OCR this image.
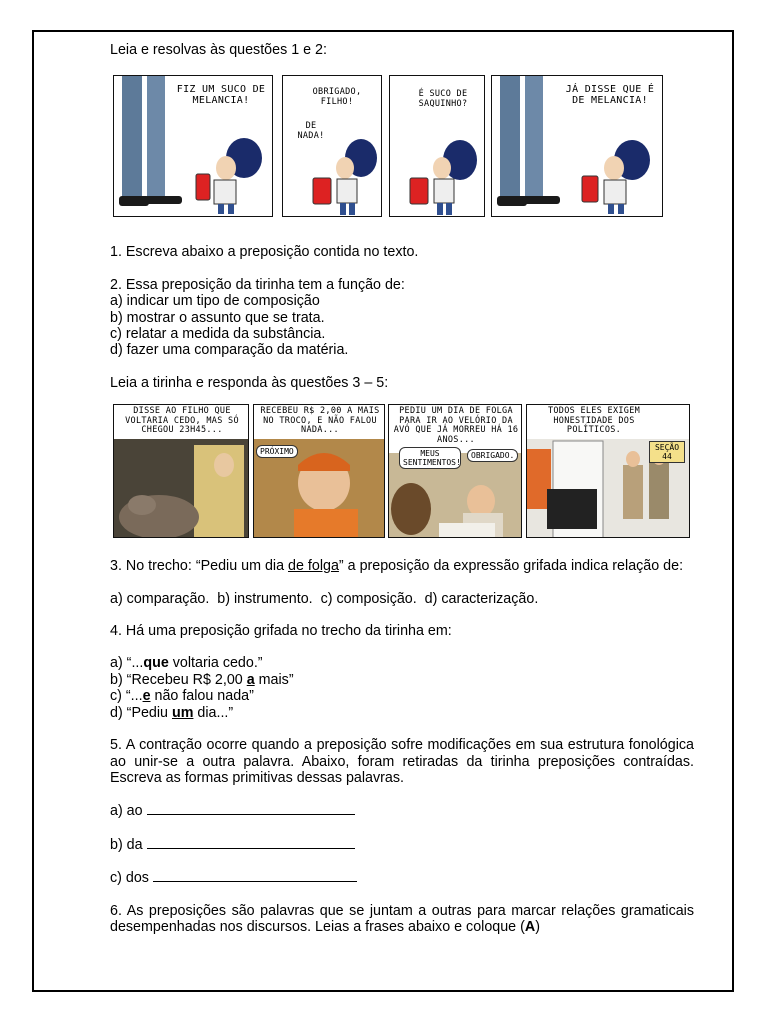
FIZ UM SUCO DE MELANCIA!
OBRIGADO, FILHO!
DE NADA!
É SUCO DE SAQUINHO?
JÁ DISSE QUE É DE MELANCIA!
DISSE AO FILHO QUE VOLTARIA CEDO, MAS SÓ CHEGOU 23H45...
RECEBEU R$ 2,00 A MAIS NO TROCO, E NÃO FALOU NADA...
PRÓXIMO
PEDIU UM DIA DE FOLGA PARA IR AO VELÓRIO DA AVÓ QUE JÁ MORREU HÁ 16 ANOS...
MEUS SENTIMENTOS!
OBRIGADO.
TODOS ELES EXIGEM HONESTIDADE DOS POLÍTICOS.
SEÇÃO 44

Leia e resolvas às questões 1 e 2:

1. Escreva abaixo a preposição contida no texto.

2. Essa preposição da tirinha tem a função de:

a) indicar um tipo de composição

b) mostrar o assunto que se trata.

c) relatar a medida da substância.

d) fazer uma comparação da matéria.

Leia a tirinha e responda às questões 3 – 5:

3. No trecho: “Pediu um dia de folga” a preposição da expressão grifada indica relação de:

a) comparação.  b) instrumento.  c) composição.  d) caracterização.

4. Há uma preposição grifada no trecho da tirinha em:

a) “...que voltaria cedo.”

b) “Recebeu R$ 2,00 a mais”

c) “...e não falou nada”

d) “Pediu um dia...”

5. A contração ocorre quando a preposição sofre modificações em sua estrutura fonológica ao unir-se a outra palavra. Abaixo, foram retiradas da tirinha preposições contraídas. Escreva as formas primitivas dessas palavras.

a) ao

b) da

c) dos

6. As preposições são palavras que se juntam a outras para marcar relações gramaticais desempenhadas nos discursos. Leias a frases abaixo e coloque (A)
